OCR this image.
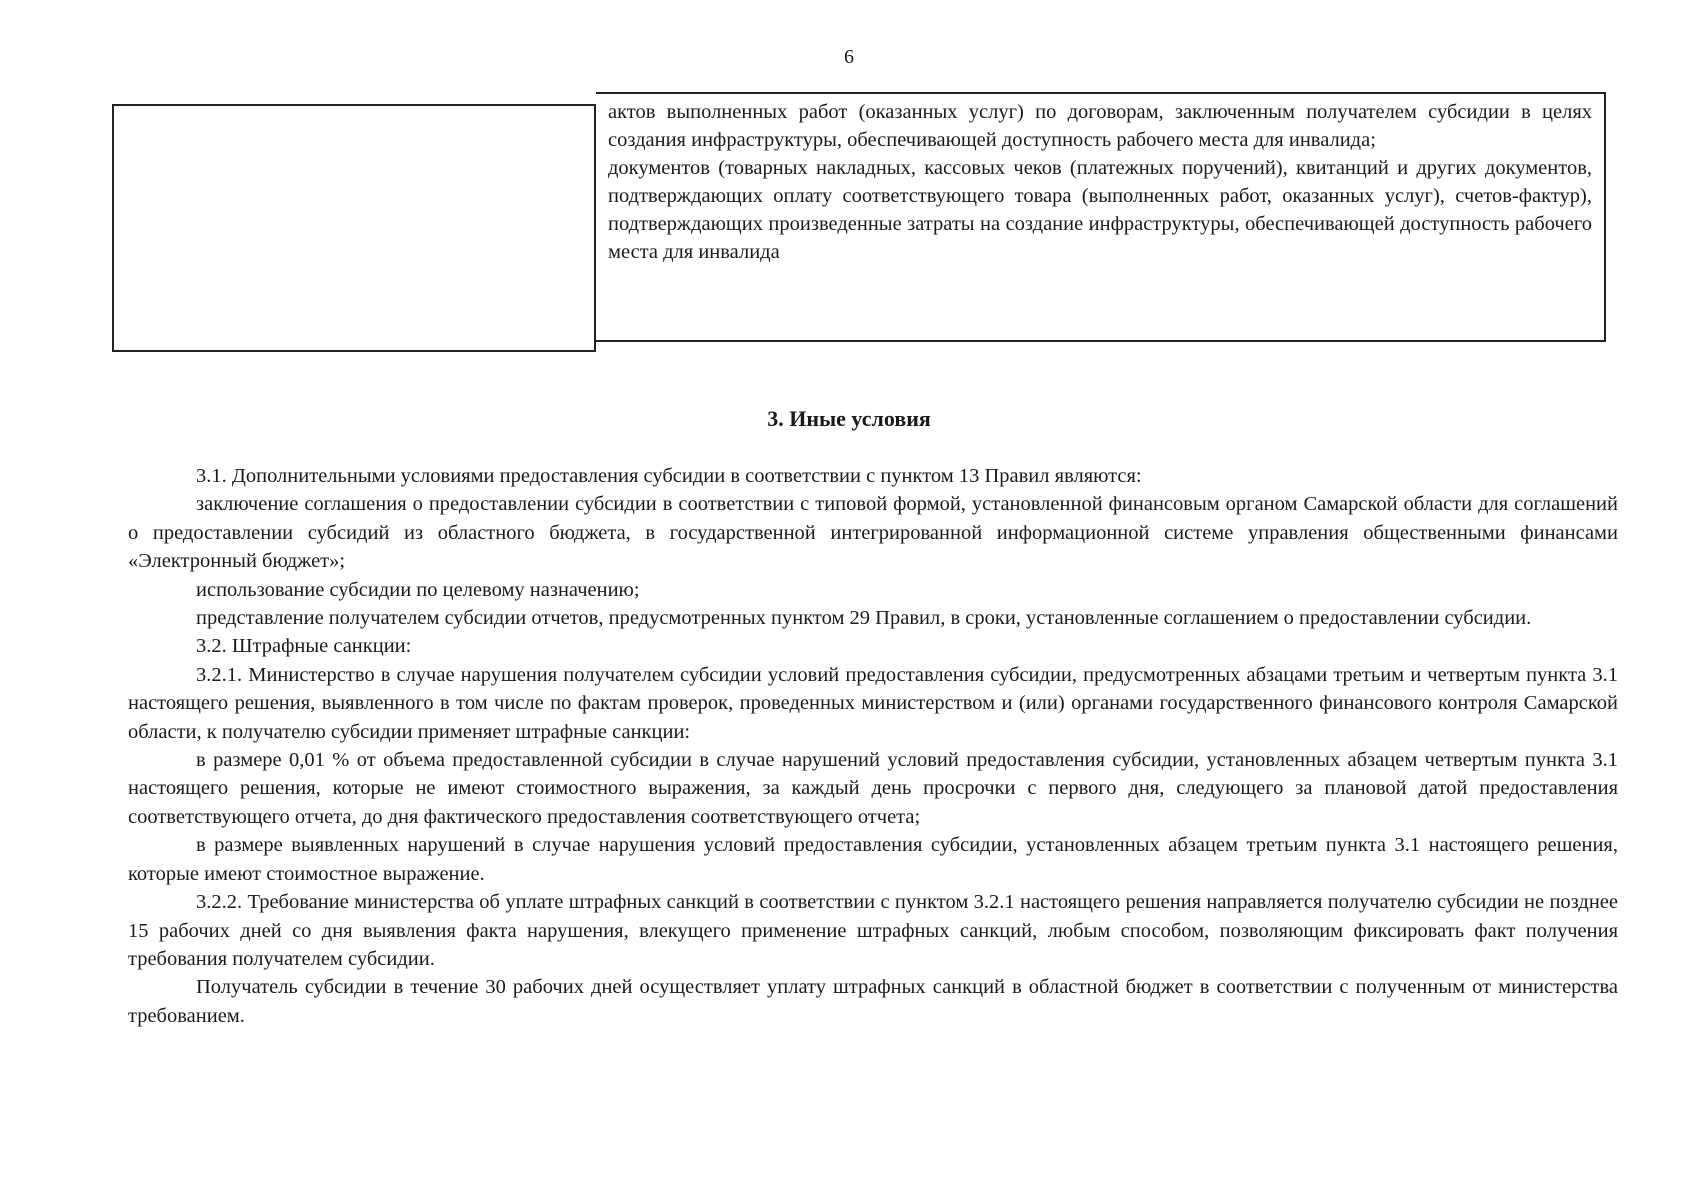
6

актов выполненных работ (оказанных услуг) по договорам, заключенным получателем субсидии в целях создания инфраструктуры, обеспечивающей доступность рабочего места для инвалида;

документов (товарных накладных, кассовых чеков (платежных поручений), квитанций и других документов, подтверждающих оплату соответствующего товара (выполненных работ, оказанных услуг), счетов-фактур), подтверждающих произведенные затраты на создание инфраструктуры, обеспечивающей доступность рабочего места для инвалида

3. Иные условия

3.1. Дополнительными условиями предоставления субсидии в соответствии с пунктом 13 Правил являются:

заключение соглашения о предоставлении субсидии в соответствии с типовой формой, установленной финансовым органом Самарской области для соглашений о предоставлении субсидий из областного бюджета, в государственной интегрированной информационной системе управления общественными финансами «Электронный бюджет»;

использование субсидии по целевому назначению;

представление получателем субсидии отчетов, предусмотренных пунктом 29 Правил, в сроки, установленные соглашением о предоставлении субсидии.

3.2. Штрафные санкции:

3.2.1. Министерство в случае нарушения получателем субсидии условий предоставления субсидии, предусмотренных абзацами третьим и четвертым пункта 3.1 настоящего решения, выявленного в том числе по фактам проверок, проведенных министерством и (или) органами государственного финансового контроля Самарской области, к получателю субсидии применяет штрафные санкции:

в размере 0,01 % от объема предоставленной субсидии в случае нарушений условий предоставления субсидии, установленных абзацем четвертым пункта 3.1 настоящего решения, которые не имеют стоимостного выражения, за каждый день просрочки с первого дня, следующего за плановой датой предоставления соответствующего отчета, до дня фактического предоставления соответствующего отчета;

в размере выявленных нарушений в случае нарушения условий предоставления субсидии, установленных абзацем третьим пункта 3.1 настоящего решения, которые имеют стоимостное выражение.

3.2.2. Требование министерства об уплате штрафных санкций в соответствии с пунктом 3.2.1 настоящего решения направляется получателю субсидии не позднее 15 рабочих дней со дня выявления факта нарушения, влекущего применение штрафных санкций, любым способом, позволяющим фиксировать факт получения требования получателем субсидии.

Получатель субсидии в течение 30 рабочих дней осуществляет уплату штрафных санкций в областной бюджет в соответствии с полученным от министерства требованием.
